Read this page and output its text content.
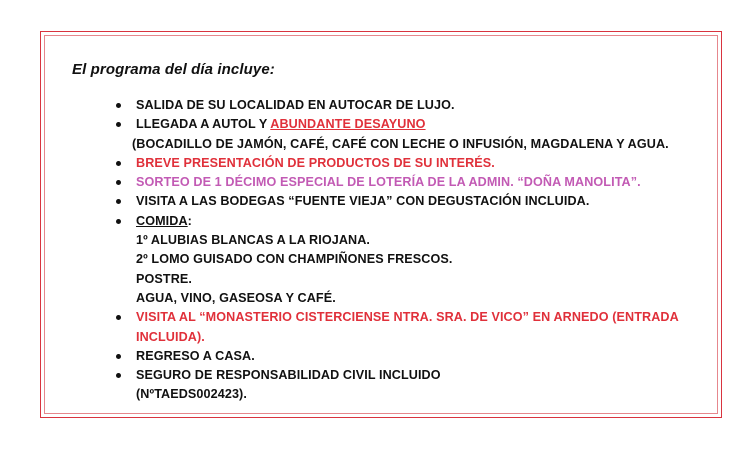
El programa del día incluye:
SALIDA DE SU LOCALIDAD EN AUTOCAR DE LUJO.
LLEGADA A AUTOL Y ABUNDANTE DESAYUNO
(BOCADILLO DE JAMÓN, CAFÉ, CAFÉ CON LECHE O INFUSIÓN, MAGDALENA Y AGUA.
BREVE PRESENTACIÓN DE PRODUCTOS DE SU INTERÉS.
SORTEO DE 1 DÉCIMO ESPECIAL DE LOTERÍA DE LA ADMIN. “DOÑA MANOLITA”.
VISITA A LAS BODEGAS “FUENTE VIEJA” CON DEGUSTACIÓN INCLUIDA.
COMIDA:
1º ALUBIAS BLANCAS A LA RIOJANA.
2º LOMO GUISADO CON CHAMPIÑONES FRESCOS.
POSTRE.
AGUA, VINO, GASEOSA Y CAFÉ.
VISITA AL “MONASTERIO CISTERCIENSE NTRA. SRA. DE VICO” EN ARNEDO (ENTRADA
INCLUIDA).
REGRESO A CASA.
SEGURO DE RESPONSABILIDAD CIVIL INCLUIDO
(NºTAEDS002423).
